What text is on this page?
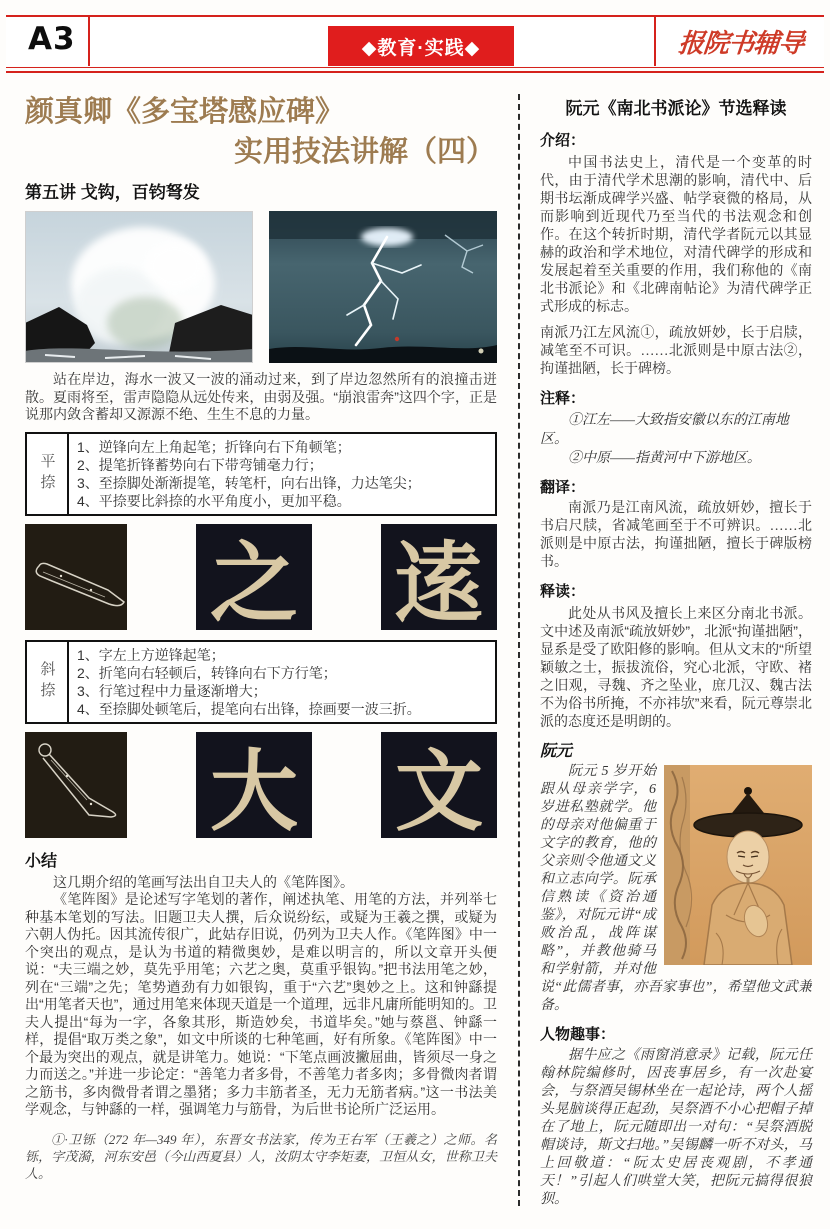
A3	◆教育·实践◆	报院书辅导
颜真卿《多宝塔感应碑》
实用技法讲解（四）
第五讲 戈钩，百钧弩发

站在岸边，海水一波又一波的涌动过来，到了岸边忽然所有的浪撞击迸散。夏雨将至，雷声隐隐从远处传来，由弱及强。“崩浪雷奔”这四个字，正是说那内敛含蓄却又源源不绝、生生不息的力量。

平捺
1、逆锋向左上角起笔；折锋向右下角顿笔；
2、提笔折锋蓄势向右下带弯铺毫力行；
3、至捺脚处渐渐提笔，转笔杆，向右出锋，力达笔尖；
4、平捺要比斜捺的水平角度小，更加平稳。
之 逺
斜捺
1、字左上方逆锋起笔；
2、折笔向右轻顿后，转锋向右下方行笔；
3、行笔过程中力量逐渐增大；
4、至捺脚处顿笔后，提笔向右出锋，捺画要一波三折。
大 文
小结

这几期介绍的笔画写法出自卫夫人的《笔阵图》。

《笔阵图》是论述写字笔划的著作，阐述执笔、用笔的方法，并列举七种基本笔划的写法。旧题卫夫人撰，后众说纷纭，或疑为王羲之撰，或疑为六朝人伪托。因其流传很广，此姑存旧说，仍列为卫夫人作。《笔阵图》中一个突出的观点，是认为书道的精微奥妙，是难以明言的，所以文章开头便说：“夫三端之妙，莫先乎用笔；六艺之奥，莫重乎银钩。”把书法用笔之妙，列在“三端”之先；笔势遒劲有力如银钩，重于“六艺”奥妙之上。这和钟繇提出“用笔者天也”，通过用笔来体现天道是一个道理，远非凡庸所能明知的。卫夫人提出“每为一字，各象其形，斯造妙矣，书道毕矣。”她与蔡邕、钟繇一样，提倡“取万类之象”，如文中所谈的七种笔画，好有所象。《笔阵图》中一个最为突出的观点，就是讲笔力。她说：“下笔点画波撇屈曲，皆须尽一身之力而送之。”并进一步论定：“善笔力者多骨，不善笔力者多肉；多骨微肉者谓之筋书，多肉微骨者谓之墨猪；多力丰筋者圣，无力无筋者病。”这一书法美学观念，与钟繇的一样，强调笔力与筋骨，为后世书论所广泛运用。

①·卫铄（272 年—349 年），东晋女书法家，传为王右军（王羲之）之师。名铄，字茂漪，河东安邑（今山西夏县）人，汝阴太守李矩妻，卫恒从女，世称卫夫人。

阮元《南北书派论》节选释读
介绍：

中国书法史上，清代是一个变革的时代，由于清代学术思潮的影响，清代中、后期书坛渐成碑学兴盛、帖学衰微的格局，从而影响到近现代乃至当代的书法观念和创作。在这个转折时期，清代学者阮元以其显赫的政治和学术地位，对清代碑学的形成和发展起着至关重要的作用，我们称他的《南北书派论》和《北碑南帖论》为清代碑学正式形成的标志。

南派乃江左风流①，疏放妍妙，长于启牍，减笔至不可识。……北派则是中原古法②，拘谨拙陋，长于碑榜。

注释：
①江左——大致指安徽以东的江南地区。
②中原——指黄河中下游地区。
翻译：

南派乃是江南风流，疏放妍妙，擅长于书启尺牍，省减笔画至于不可辨识。……北派则是中原古法，拘谨拙陋，擅长于碑版榜书。

释读：

此处从书风及擅长上来区分南北书派。文中述及南派“疏放妍妙”，北派“拘谨拙陋”，显系是受了欧阳修的影响。但从文末的“所望颖敏之士，振拔流俗，究心北派，守欧、褚之旧观，寻魏、齐之坠业，庶几汉、魏古法不为俗书所掩，不亦祎欤”来看，阮元尊崇北派的态度还是明朗的。

阮元

阮元 5 岁开始跟从母亲学字，6 岁进私塾就学。他的母亲对他偏重于文字的教育，他的父亲则令他通文义和立志向学。阮承信熟读《资治通鉴》，对阮元讲“成败治乱，战阵谋略”，并教他骑马和学射箭，并对他说“此儒者事，亦吾家事也”，希望他文武兼备。

人物趣事：

据牛应之《雨窗消意录》记载，阮元任翰林院编修时，因丧事居乡，有一次赴宴会，与祭酒吴锡林坐在一起论诗，两个人摇头晃脑谈得正起劲，吴祭酒不小心把帽子掉在了地上，阮元随即出一对句：“吴祭酒脱帽谈诗，斯文扫地。”吴锡麟一听不对头，马上回敬道：“阮太史居丧观剧，不孝通天！”引起人们哄堂大笑，把阮元搞得很狼狈。
